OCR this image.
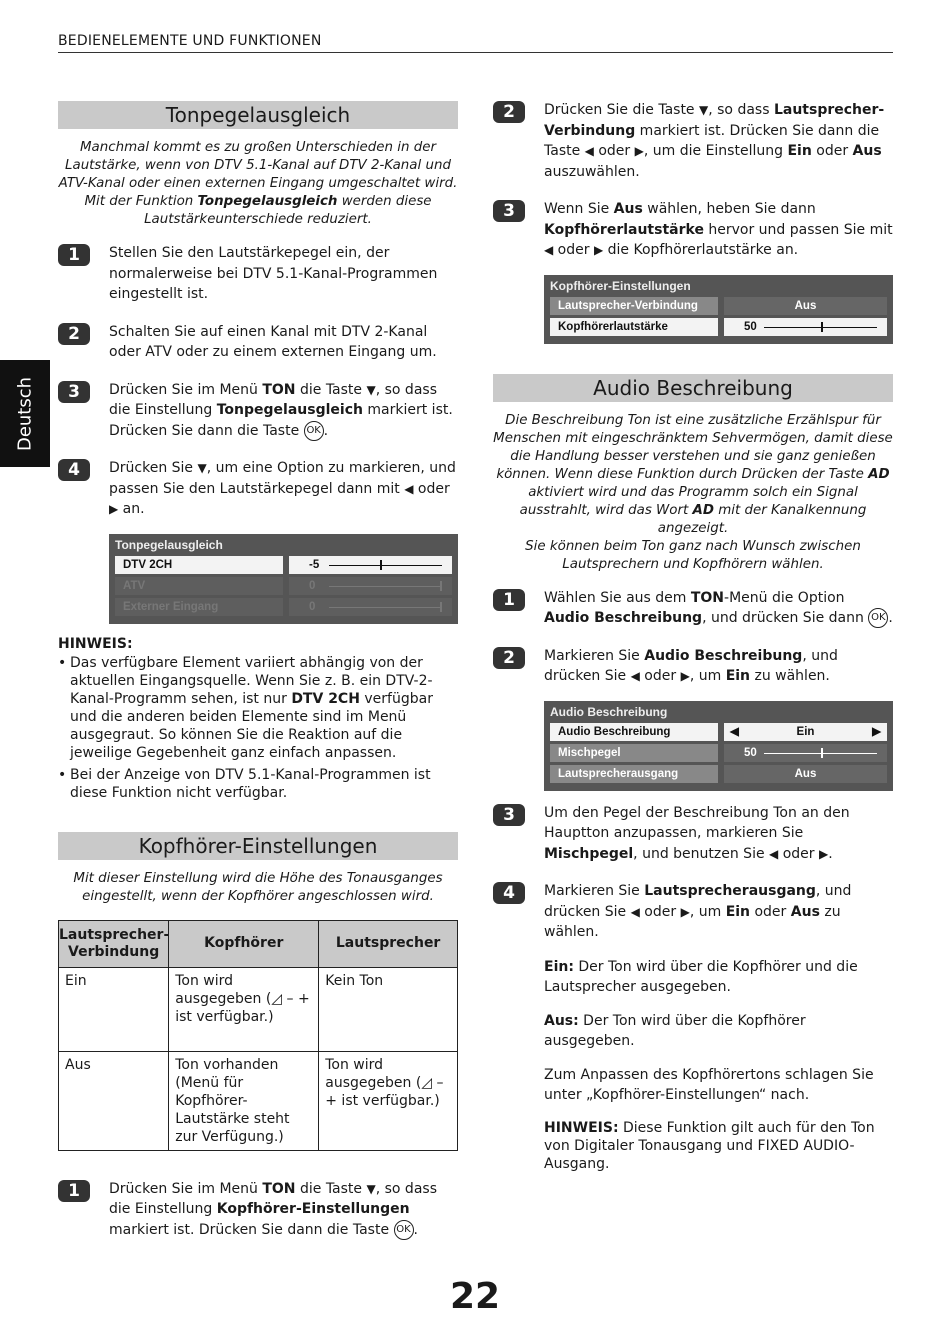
BEDIENELEMENTE UND FUNKTIONEN
Deutsch
Tonpegelausgleich
Manchmal kommt es zu großen Unterschieden in der Lautstärke, wenn von DTV 5.1-Kanal auf DTV 2-Kanal und ATV-Kanal oder einen externen Eingang umgeschaltet wird. Mit der Funktion Tonpegelausgleich werden diese Lautstärkeunterschiede reduziert.
1	Stellen Sie den Lautstärkepegel ein, der normalerweise bei DTV 5.1-Kanal-Programmen eingestellt ist.
2	Schalten Sie auf einen Kanal mit DTV 2-Kanal oder ATV oder zu einem externen Eingang um.
3	Drücken Sie im Menü TON die Taste ▼, so dass die Einstellung Tonpegelausgleich markiert ist. Drücken Sie dann die Taste OK .
4	Drücken Sie ▼, um eine Option zu markieren, und passen Sie den Lautstärkepegel dann mit ◀ oder ▶ an.
Tonpegelausgleich
DTV 2CH	-5
ATV	0
Externer Eingang	0
HINWEIS:
• Das verfügbare Element variiert abhängig von der aktuellen Eingangsquelle. Wenn Sie z. B. ein DTV-2-Kanal-Programm sehen, ist nur DTV 2CH verfügbar und die anderen beiden Elemente sind im Menü ausgegraut. So können Sie die Reaktion auf die jeweilige Gegebenheit ganz einfach anpassen.
• Bei der Anzeige von DTV 5.1-Kanal-Programmen ist diese Funktion nicht verfügbar.
Kopfhörer-Einstellungen
Mit dieser Einstellung wird die Höhe des Tonausganges eingestellt, wenn der Kopfhörer angeschlossen wird.
Lautsprecher-Verbindung	Kopfhörer	Lautsprecher
Ein	Ton wird ausgegeben (◿ – + ist verfügbar.)	Kein Ton
Aus	Ton vorhanden (Menü für Kopfhörer-Lautstärke steht zur Verfügung.)	Ton wird ausgegeben (◿ – + ist verfügbar.)
1	Drücken Sie im Menü TON die Taste ▼, so dass die Einstellung Kopfhörer-Einstellungen markiert ist. Drücken Sie dann die Taste OK .
2	Drücken Sie die Taste ▼, so dass Lautsprecher-Verbindung markiert ist. Drücken Sie dann die Taste ◀ oder ▶, um die Einstellung Ein oder Aus auszuwählen.
3	Wenn Sie Aus wählen, heben Sie dann Kopfhörerlautstärke hervor und passen Sie mit ◀ oder ▶ die Kopfhörerlautstärke an.
Kopfhörer-Einstellungen
Lautsprecher-Verbindung	Aus
Kopfhörerlautstärke	50
Audio Beschreibung
Die Beschreibung Ton ist eine zusätzliche Erzählspur für Menschen mit eingeschränktem Sehvermögen, damit diese die Handlung besser verstehen und sie ganz genießen können. Wenn diese Funktion durch Drücken der Taste AD aktiviert wird und das Programm solch ein Signal ausstrahlt, wird das Wort AD mit der Kanalkennung angezeigt.
Sie können beim Ton ganz nach Wunsch zwischen Lautsprechern und Kopfhörern wählen.
1	Wählen Sie aus dem TON-Menü die Option Audio Beschreibung, und drücken Sie dann OK .
2	Markieren Sie Audio Beschreibung, und drücken Sie ◀ oder ▶, um Ein zu wählen.
Audio Beschreibung
Audio Beschreibung	◀	Ein	▶
Mischpegel	50
Lautsprecherausgang	Aus
3	Um den Pegel der Beschreibung Ton an den Hauptton anzupassen, markieren Sie Mischpegel, und benutzen Sie ◀ oder ▶.
4	Markieren Sie Lautsprecherausgang, und drücken Sie ◀ oder ▶, um Ein oder Aus zu wählen.
Ein: Der Ton wird über die Kopfhörer und die Lautsprecher ausgegeben.
Aus: Der Ton wird über die Kopfhörer ausgegeben.
Zum Anpassen des Kopfhörertons schlagen Sie unter „Kopfhörer-Einstellungen“ nach.
HINWEIS: Diese Funktion gilt auch für den Ton von Digitaler Tonausgang und FIXED AUDIO-Ausgang.
22
